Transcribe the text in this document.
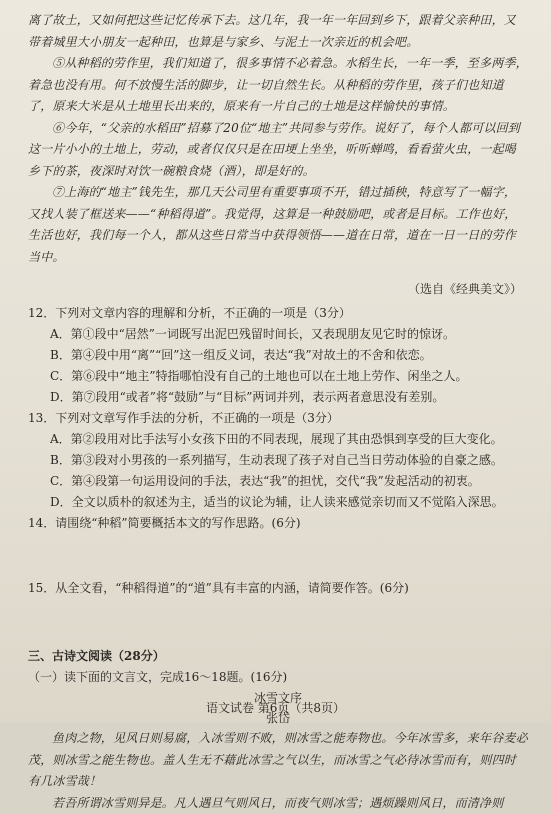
离了故土，又如何把这些记忆传承下去。这几年，我一年一年回到乡下，跟着父亲种田，又带着城里大小朋友一起种田，也算是与家乡、与泥土一次亲近的机会吧。

⑤从种稻的劳作里，我们知道了，很多事情不必着急。水稻生长，一年一季，至多两季，着急也没有用。何不放慢生活的脚步，让一切自然生长。从种稻的劳作里，孩子们也知道了，原来大米是从土地里长出来的，原来有一片自己的土地是这样愉快的事情。

⑥今年，“父亲的水稻田”招募了20位“地主”共同参与劳作。说好了，每个人都可以回到这一片小小的土地上，劳动，或者仅仅只是在田埂上坐坐，听听蝉鸣，看看萤火虫，一起喝乡下的茶，夜深时对饮一碗粮食烧（酒），即是好的。

⑦上海的“地主”钱先生，那几天公司里有重要事项不开，错过插秧，特意写了一幅字，又找人装了框送来——“种稻得道”。我觉得，这算是一种鼓励吧，或者是目标。工作也好，生活也好，我们每一个人，都从这些日常当中获得领悟——道在日常，道在一日一日的劳作当中。

（选自《经典美文》）

12．下列对文章内容的理解和分析，不正确的一项是（3分）

A．第①段中“居然”一词既写出泥巴残留时间长，又表现朋友见它时的惊讶。

B．第④段中用“离”“回”这一组反义词，表达“我”对故土的不舍和依恋。

C．第⑥段中“地主”特指哪怕没有自己的土地也可以在土地上劳作、闲坐之人。

D．第⑦段用“或者”将“鼓励”与“目标”两词并列，表示两者意思没有差别。

13．下列对文章写作手法的分析，不正确的一项是（3分）

A．第②段用对比手法写小女孩下田的不同表现，展现了其由恐惧到享受的巨大变化。

B．第③段对小男孩的一系列描写，生动表现了孩子对自己当日劳动体验的自豪之感。

C．第④段第一句运用设问的手法，表达“我”的担忧，交代“我”发起活动的初衷。

D．全文以质朴的叙述为主，适当的议论为辅，让人读来感觉亲切而又不觉陷入深思。

14．请围绕“种稻”简要概括本文的写作思路。(6分)

15．从全文看，“种稻得道”的“道”具有丰富的内涵，请简要作答。(6分)

三、古诗文阅读（28分）

（一）读下面的文言文，完成16～18题。(16分)

冰雪文序

张岱

鱼肉之物，见风日则易腐，入冰雪则不败，则冰雪之能寿物也。今年冰雪多，来年谷麦必茂，则冰雪之能生物也。盖人生无不藉此冰雪之气以生，而冰雪之气必待冰雪而有，则四时有几冰雪哉！

若吾所谓冰雪则异是。凡人遇旦气则风日，而夜气则冰雪；遇烦躁则风日，而清净则

语文试卷 第6页（共8页）
